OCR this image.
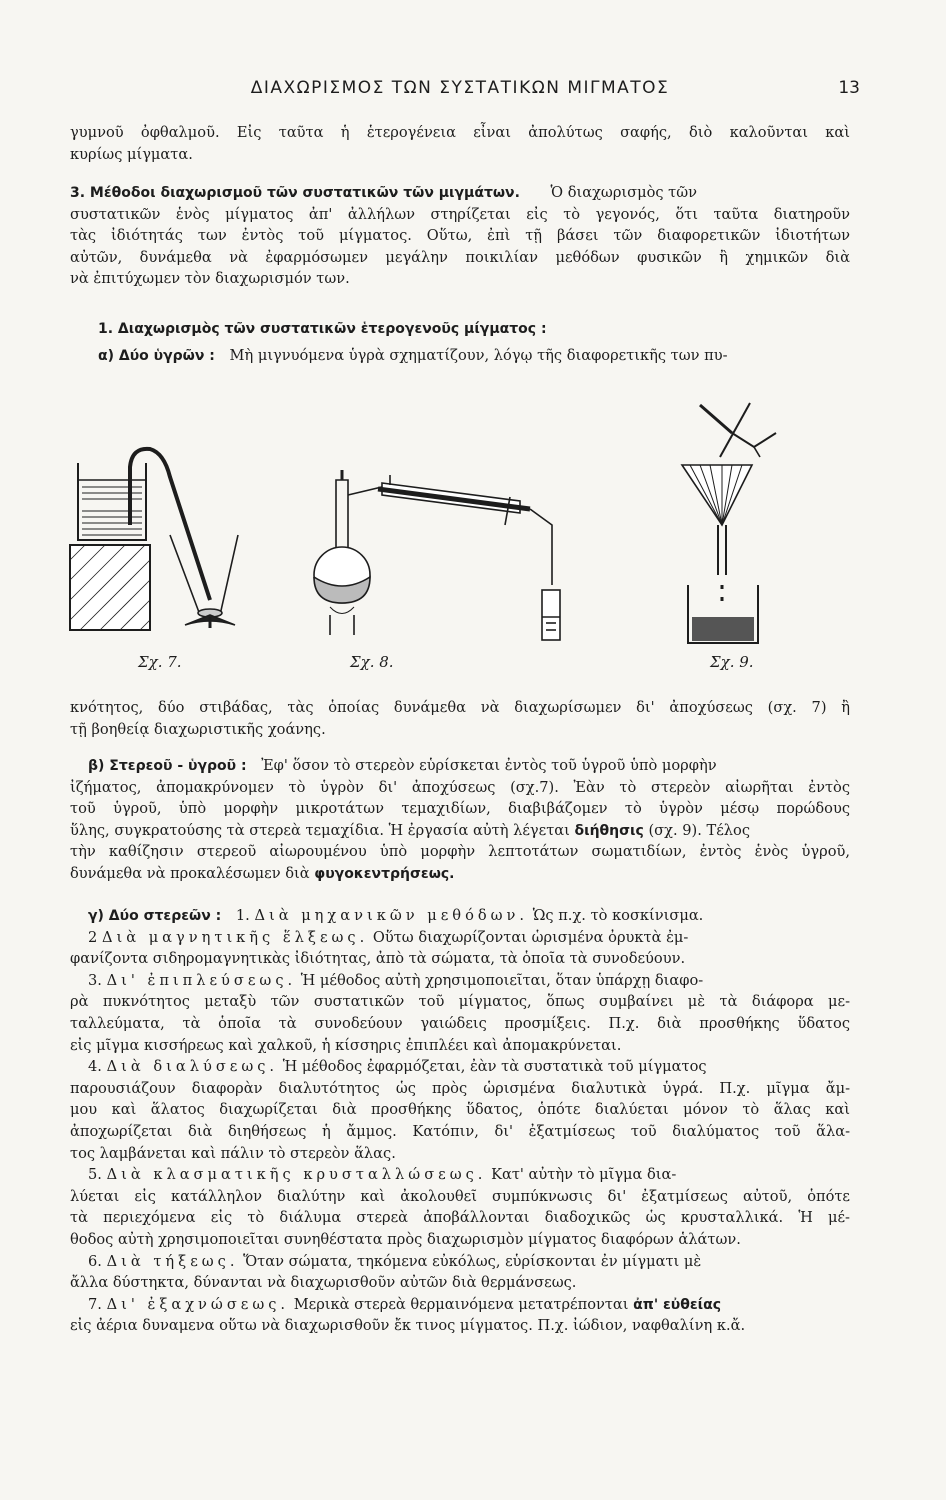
ΔΙΑΧΩΡΙΣΜΟΣ ΤΩΝ ΣΥΣΤΑΤΙΚΩΝ ΜΙΓΜΑΤΟΣ	13
γυμνοῦ ὀφθαλμοῦ. Εἰς ταῦτα ἡ ἑτερογένεια εἶναι ἀπολύτως σαφής, διὸ καλοῦνται καὶ
κυρίως μίγματα.
3. Μέθοδοι διαχωρισμοῦ τῶν συστατικῶν τῶν μιγμάτων. Ὁ διαχωρισμὸς τῶν
συστατικῶν ἑνὸς μίγματος ἀπ' ἀλλήλων στηρίζεται εἰς τὸ γεγονός, ὅτι ταῦτα διατηροῦν
τὰς ἰδιότητάς των ἐντὸς τοῦ μίγματος. Οὕτω, ἐπὶ τῇ βάσει τῶν διαφορετικῶν ἰδιοτήτων
αὐτῶν, δυνάμεθα νὰ ἐφαρμόσωμεν μεγάλην ποικιλίαν μεθόδων φυσικῶν ἢ χημικῶν διὰ
νὰ ἐπιτύχωμεν τὸν διαχωρισμόν των.
1. Διαχωρισμὸς τῶν συστατικῶν ἑτερογενοῦς μίγματος :
α) Δύο ὑγρῶν : Μὴ μιγνυόμενα ὑγρὰ σχηματίζουν, λόγῳ τῆς διαφορετικῆς των πυ-
Σχ. 7.	Σχ. 8.	Σχ. 9.
κνότητος, δύο στιβάδας, τὰς ὁποίας δυνάμεθα νὰ διαχωρίσωμεν δι' ἀποχύσεως (σχ. 7) ἢ
τῇ βοηθείᾳ διαχωριστικῆς χοάνης.
β) Στερεοῦ - ὑγροῦ : Ἐφ' ὅσον τὸ στερεὸν εὑρίσκεται ἐντὸς τοῦ ὑγροῦ ὑπὸ μορφὴν
ἰζήματος, ἀπομακρύνομεν τὸ ὑγρὸν δι' ἀποχύσεως (σχ.7). Ἐὰν τὸ στερεὸν αἰωρῆται ἐντὸς
τοῦ ὑγροῦ, ὑπὸ μορφὴν μικροτάτων τεμαχιδίων, διαβιβάζομεν τὸ ὑγρὸν μέσῳ πορώδους
ὕλης, συγκρατούσης τὰ στερεὰ τεμαχίδια. Ἡ ἐργασία αὐτὴ λέγεται διήθησις (σχ. 9). Τέλος
τὴν καθίζησιν στερεοῦ αἰωρουμένου ὑπὸ μορφὴν λεπτοτάτων σωματιδίων, ἐντὸς ἑνὸς ὑγροῦ,
δυνάμεθα νὰ προκαλέσωμεν διὰ φυγοκεντρήσεως.
γ) Δύο στερεῶν : 1. Διὰ μηχανικῶν μεθόδων. Ὡς π.χ. τὸ κοσκίνισμα.
2 Διὰ μαγνητικῆς ἕλξεως. Οὕτω διαχωρίζονται ὡρισμένα ὀρυκτὰ ἐμ-
φανίζοντα σιδηρομαγνητικὰς ἰδιότητας, ἀπὸ τὰ σώματα, τὰ ὁποῖα τὰ συνοδεύουν.
3. Δι' ἐπιπλεύσεως. Ἡ μέθοδος αὐτὴ χρησιμοποιεῖται, ὅταν ὑπάρχῃ διαφο-
ρὰ πυκνότητος μεταξὺ τῶν συστατικῶν τοῦ μίγματος, ὅπως συμβαίνει μὲ τὰ διάφορα με-
ταλλεύματα, τὰ ὁποῖα τὰ συνοδεύουν γαιώδεις προσμίξεις. Π.χ. διὰ προσθήκης ὕδατος
εἰς μῖγμα κισσήρεως καὶ χαλκοῦ, ἡ κίσσηρις ἐπιπλέει καὶ ἀπομακρύνεται.
4. Διὰ διαλύσεως. Ἡ μέθοδος ἐφαρμόζεται, ἐὰν τὰ συστατικὰ τοῦ μίγματος
παρουσιάζουν διαφορὰν διαλυτότητος ὡς πρὸς ὡρισμένα διαλυτικὰ ὑγρά. Π.χ. μῖγμα ἄμ-
μου καὶ ἅλατος διαχωρίζεται διὰ προσθήκης ὕδατος, ὁπότε διαλύεται μόνον τὸ ἅλας καὶ
ἀποχωρίζεται διὰ διηθήσεως ἡ ἄμμος. Κατόπιν, δι' ἐξατμίσεως τοῦ διαλύματος τοῦ ἅλα-
τος λαμβάνεται καὶ πάλιν τὸ στερεὸν ἅλας.
5. Διὰ κλασματικῆς κρυσταλλώσεως. Κατ' αὐτὴν τὸ μῖγμα δια-
λύεται εἰς κατάλληλον διαλύτην καὶ ἀκολουθεῖ συμπύκνωσις δι' ἐξατμίσεως αὐτοῦ, ὁπότε
τὰ περιεχόμενα εἰς τὸ διάλυμα στερεὰ ἀποβάλλονται διαδοχικῶς ὡς κρυσταλλικά. Ἡ μέ-
θοδος αὐτὴ χρησιμοποιεῖται συνηθέστατα πρὸς διαχωρισμὸν μίγματος διαφόρων ἁλάτων.
6. Διὰ τήξεως. Ὅταν σώματα, τηκόμενα εὐκόλως, εὑρίσκονται ἐν μίγματι μὲ
ἄλλα δύστηκτα, δύνανται νὰ διαχωρισθοῦν αὐτῶν διὰ θερμάνσεως.
7. Δι' ἐξαχνώσεως. Μερικὰ στερεὰ θερμαινόμενα μετατρέπονται ἀπ' εὐθείας
εἰς ἀέρια δυναμενα οὕτω νὰ διαχωρισθοῦν ἔκ τινος μίγματος. Π.χ. ἰώδιον, ναφθαλίνη κ.ἄ.
